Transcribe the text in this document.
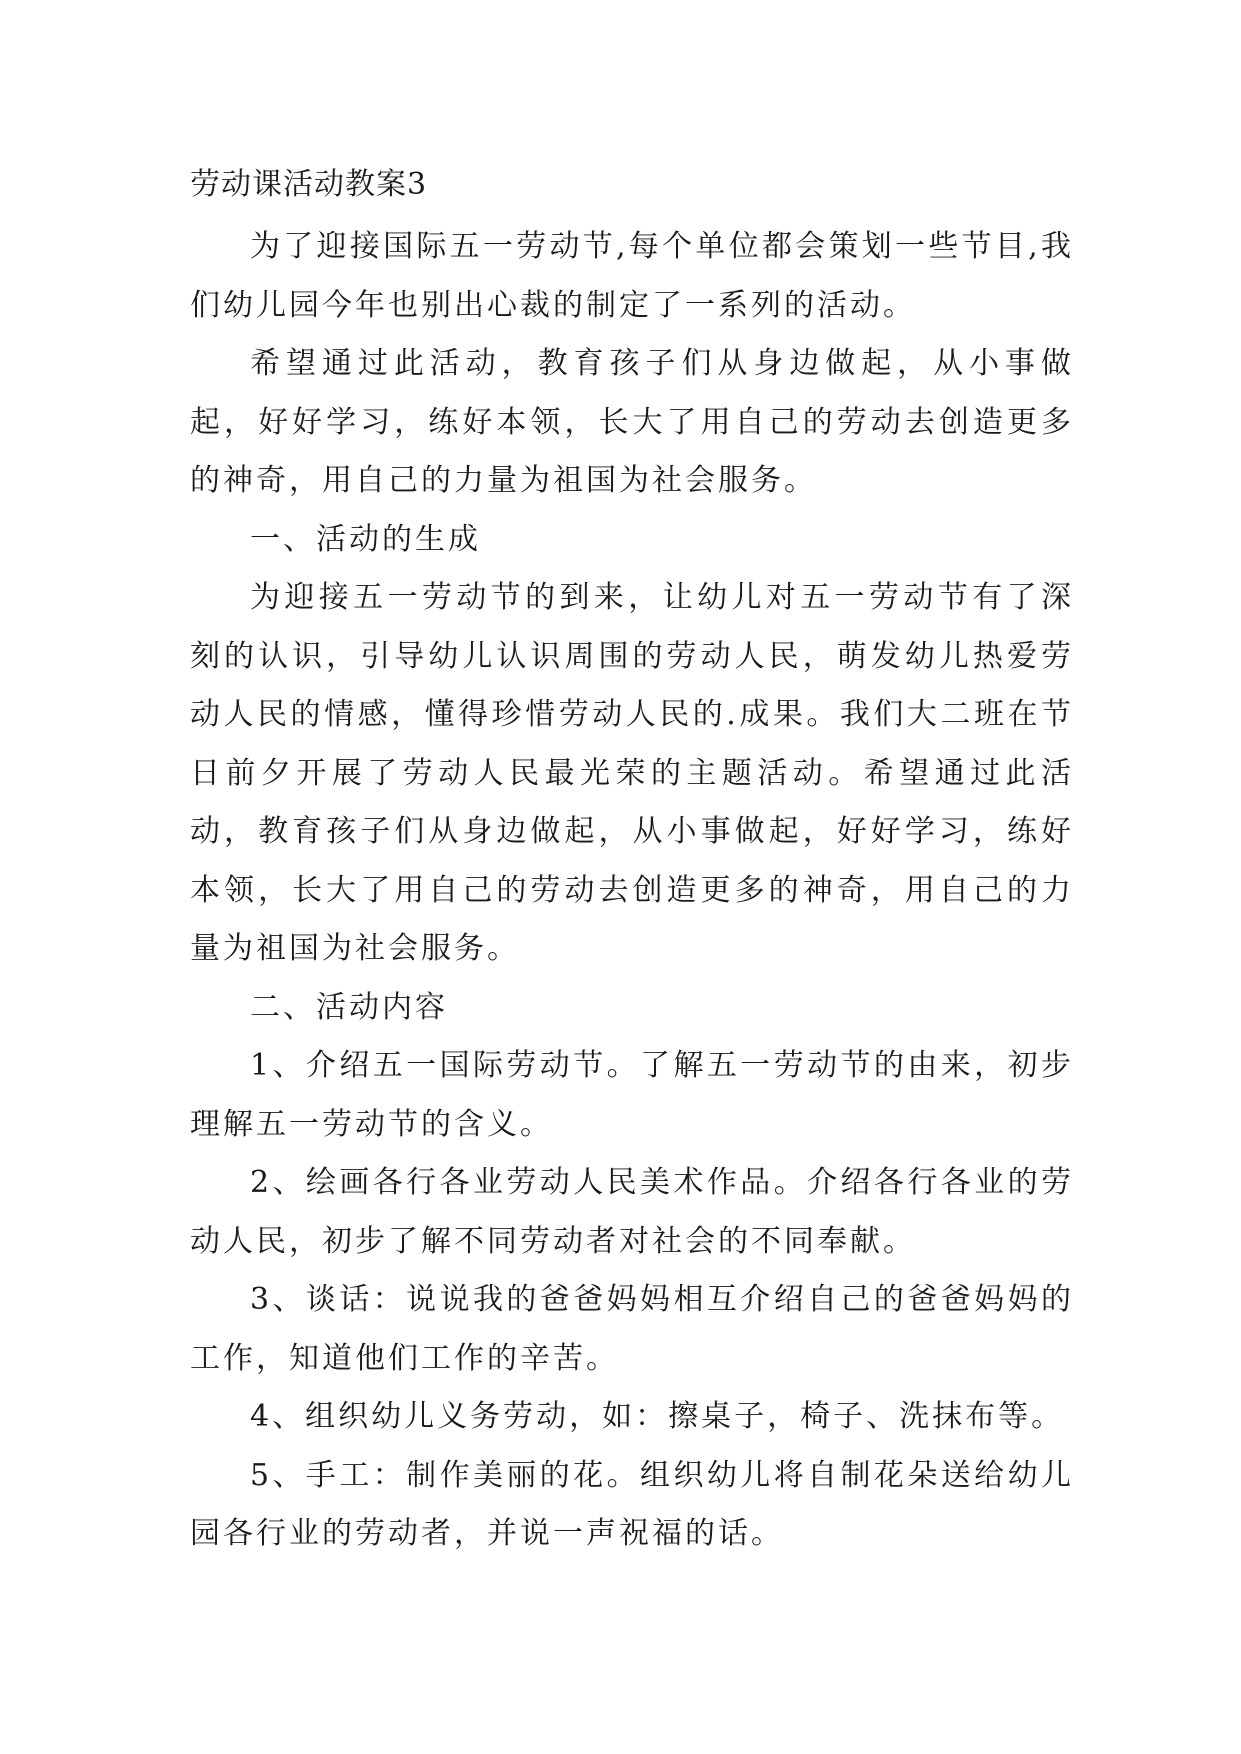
劳动课活动教案3

为了迎接国际五一劳动节,每个单位都会策划一些节目,我们幼儿园今年也别出心裁的制定了一系列的活动。

希望通过此活动，教育孩子们从身边做起，从小事做起，好好学习，练好本领，长大了用自己的劳动去创造更多的神奇，用自己的力量为祖国为社会服务。

一、活动的生成

为迎接五一劳动节的到来，让幼儿对五一劳动节有了深刻的认识，引导幼儿认识周围的劳动人民，萌发幼儿热爱劳动人民的情感，懂得珍惜劳动人民的.成果。我们大二班在节日前夕开展了劳动人民最光荣的主题活动。希望通过此活动，教育孩子们从身边做起，从小事做起，好好学习，练好本领，长大了用自己的劳动去创造更多的神奇，用自己的力量为祖国为社会服务。

二、活动内容

1、介绍五一国际劳动节。了解五一劳动节的由来，初步理解五一劳动节的含义。

2、绘画各行各业劳动人民美术作品。介绍各行各业的劳动人民，初步了解不同劳动者对社会的不同奉献。

3、谈话：说说我的爸爸妈妈相互介绍自己的爸爸妈妈的工作，知道他们工作的辛苦。

4、组织幼儿义务劳动，如：擦桌子，椅子、洗抹布等。

5、手工：制作美丽的花。组织幼儿将自制花朵送给幼儿园各行业的劳动者，并说一声祝福的话。
